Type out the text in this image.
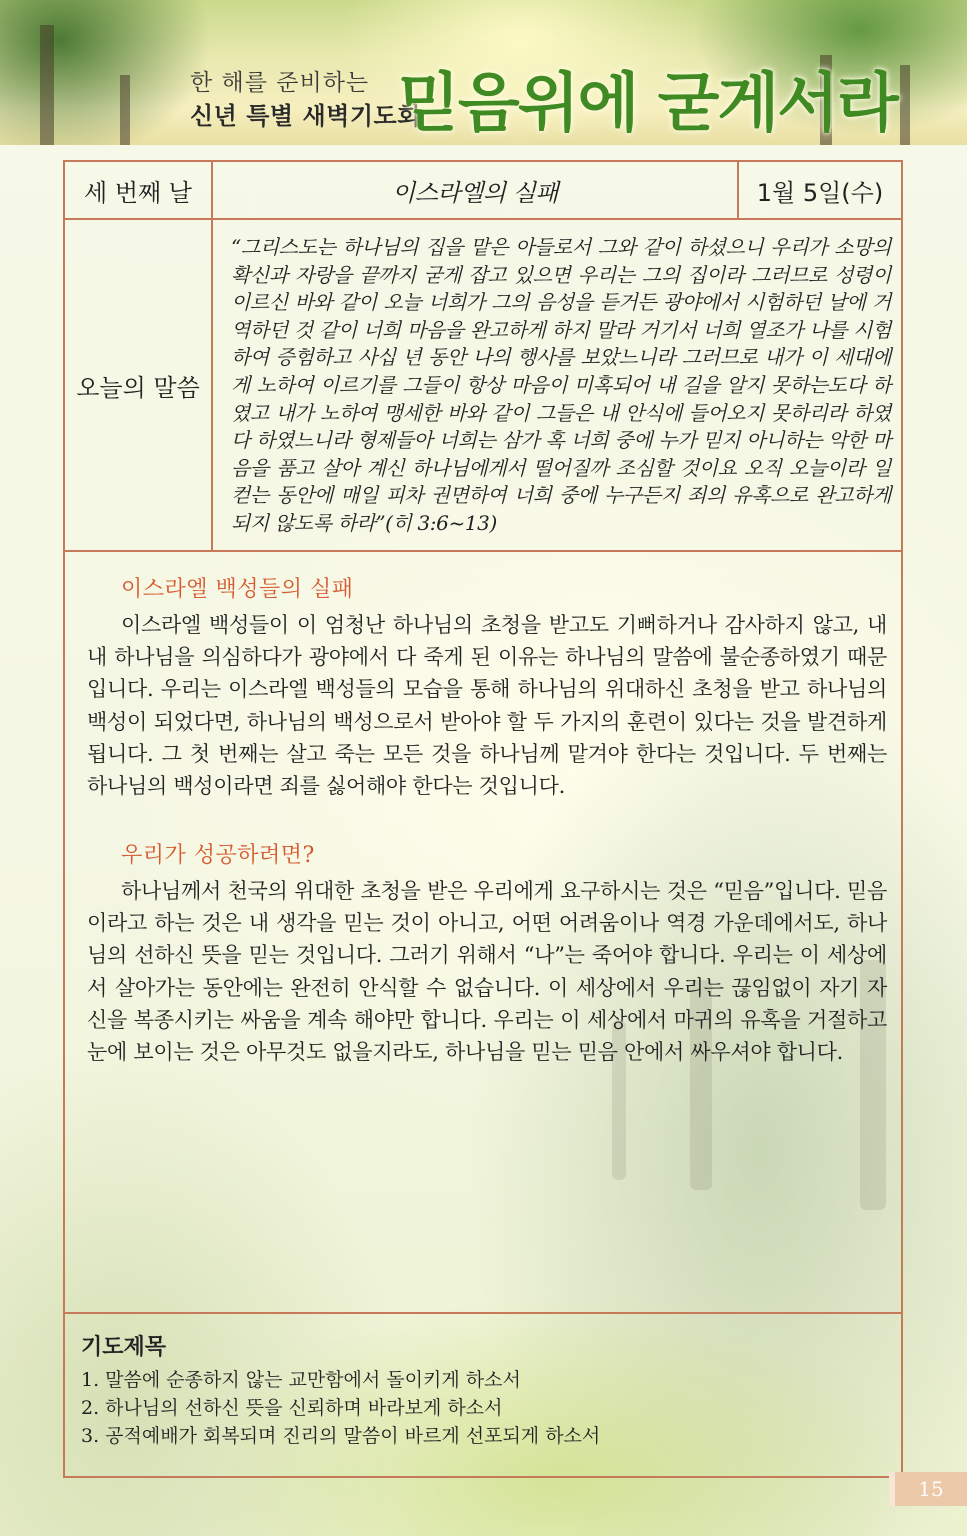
한 해를 준비하는
신년 특별 새벽기도회
믿음위에 굳게서라
세 번째 날	이스라엘의 실패	1월 5일(수)
오늘의 말씀
“그리스도는 하나님의 집을 맡은 아들로서 그와 같이 하셨으니 우리가 소망의 확신과 자랑을 끝까지 굳게 잡고 있으면 우리는 그의 집이라 그러므로 성령이 이르신 바와 같이 오늘 너희가 그의 음성을 듣거든 광야에서 시험하던 날에 거역하던 것 같이 너희 마음을 완고하게 하지 말라 거기서 너희 열조가 나를 시험하여 증험하고 사십 년 동안 나의 행사를 보았느니라 그러므로 내가 이 세대에게 노하여 이르기를 그들이 항상 마음이 미혹되어 내 길을 알지 못하는도다 하였고 내가 노하여 맹세한 바와 같이 그들은 내 안식에 들어오지 못하리라 하였다 하였느니라 형제들아 너희는 삼가 혹 너희 중에 누가 믿지 아니하는 악한 마음을 품고 살아 계신 하나님에게서 떨어질까 조심할 것이요 오직 오늘이라 일컫는 동안에 매일 피차 권면하여 너희 중에 누구든지 죄의 유혹으로 완고하게 되지 않도록 하라”(히 3:6~13)
이스라엘 백성들의 실패

이스라엘 백성들이 이 엄청난 하나님의 초청을 받고도 기뻐하거나 감사하지 않고, 내내 하나님을 의심하다가 광야에서 다 죽게 된 이유는 하나님의 말씀에 불순종하였기 때문입니다. 우리는 이스라엘 백성들의 모습을 통해 하나님의 위대하신 초청을 받고 하나님의 백성이 되었다면, 하나님의 백성으로서 받아야 할 두 가지의 훈련이 있다는 것을 발견하게 됩니다. 그 첫 번째는 살고 죽는 모든 것을 하나님께 맡겨야 한다는 것입니다. 두 번째는 하나님의 백성이라면 죄를 싫어해야 한다는 것입니다.

우리가 성공하려면?

하나님께서 천국의 위대한 초청을 받은 우리에게 요구하시는 것은 “믿음”입니다. 믿음이라고 하는 것은 내 생각을 믿는 것이 아니고, 어떤 어려움이나 역경 가운데에서도, 하나님의 선하신 뜻을 믿는 것입니다. 그러기 위해서 “나”는 죽어야 합니다. 우리는 이 세상에서 살아가는 동안에는 완전히 안식할 수 없습니다. 이 세상에서 우리는 끊임없이 자기 자신을 복종시키는 싸움을 계속 해야만 합니다. 우리는 이 세상에서 마귀의 유혹을 거절하고 눈에 보이는 것은 아무것도 없을지라도, 하나님을 믿는 믿음 안에서 싸우셔야 합니다.

기도제목
1. 말씀에 순종하지 않는 교만함에서 돌이키게 하소서
2. 하나님의 선하신 뜻을 신뢰하며 바라보게 하소서
3. 공적예배가 회복되며 진리의 말씀이 바르게 선포되게 하소서
15
